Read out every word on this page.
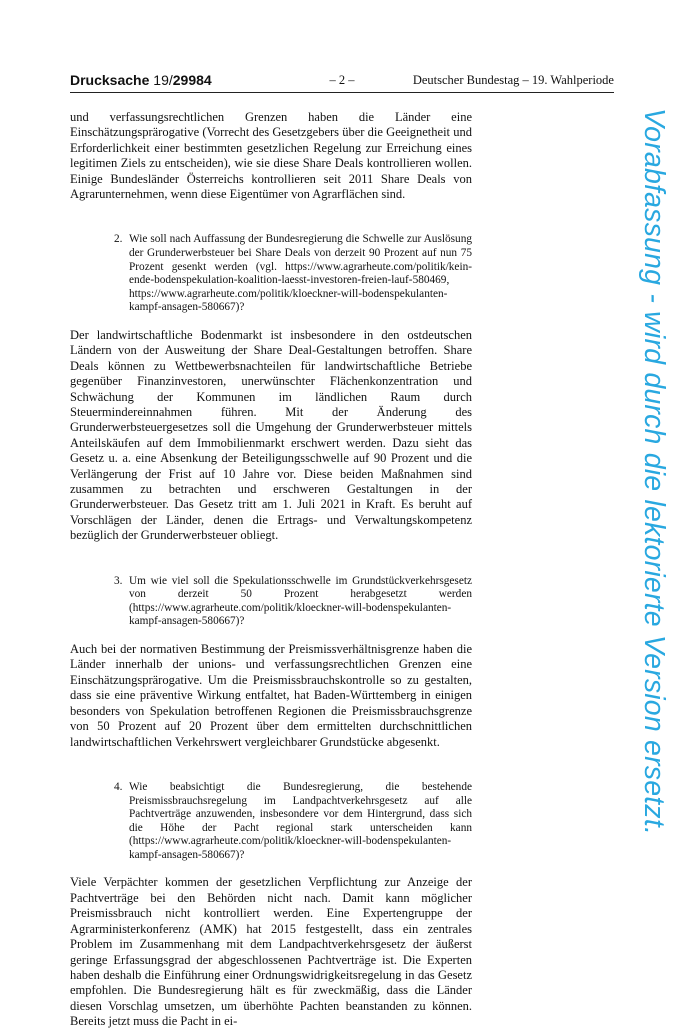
Drucksache 19/29984	– 2 –	Deutscher Bundestag – 19. Wahlperiode

und verfassungsrechtlichen Grenzen haben die Länder eine Einschätzungsprärogative (Vorrecht des Gesetzgebers über die Geeignetheit und Erforderlichkeit einer bestimmten gesetzlichen Regelung zur Erreichung eines legitimen Ziels zu entscheiden), wie sie diese Share Deals kontrollieren wollen. Einige Bundesländer Österreichs kontrollieren seit 2011 Share Deals von Agrarunternehmen, wenn diese Eigentümer von Agrarflächen sind.

2. Wie soll nach Auffassung der Bundesregierung die Schwelle zur Auslösung der Grunderwerbsteuer bei Share Deals von derzeit 90 Prozent auf nun 75 Prozent gesenkt werden (vgl. https://www.agrarheute.com/politik/kein-ende-bodenspekulation-koalition-laesst-investoren-freien-lauf-580469, https://www.agrarheute.com/politik/kloeckner-will-bodenspekulanten-kampf-ansagen-580667)?

Der landwirtschaftliche Bodenmarkt ist insbesondere in den ostdeutschen Ländern von der Ausweitung der Share Deal-Gestaltungen betroffen. Share Deals können zu Wettbewerbsnachteilen für landwirtschaftliche Betriebe gegenüber Finanzinvestoren, unerwünschter Flächenkonzentration und Schwächung der Kommunen im ländlichen Raum durch Steuermindereinnahmen führen. Mit der Änderung des Grunderwerbsteuergesetzes soll die Umgehung der Grunderwerbsteuer mittels Anteilskäufen auf dem Immobilienmarkt erschwert werden. Dazu sieht das Gesetz u. a. eine Absenkung der Beteiligungsschwelle auf 90 Prozent und die Verlängerung der Frist auf 10 Jahre vor. Diese beiden Maßnahmen sind zusammen zu betrachten und erschweren Gestaltungen in der Grunderwerbsteuer. Das Gesetz tritt am 1. Juli 2021 in Kraft. Es beruht auf Vorschlägen der Länder, denen die Ertrags- und Verwaltungskompetenz bezüglich der Grunderwerbsteuer obliegt.

3. Um wie viel soll die Spekulationsschwelle im Grundstückverkehrsgesetz von derzeit 50 Prozent herabgesetzt werden (https://www.agrarheute.com/politik/kloeckner-will-bodenspekulanten-kampf-ansagen-580667)?

Auch bei der normativen Bestimmung der Preismissverhältnisgrenze haben die Länder innerhalb der unions- und verfassungsrechtlichen Grenzen eine Einschätzungsprärogative. Um die Preismissbrauchskontrolle so zu gestalten, dass sie eine präventive Wirkung entfaltet, hat Baden-Württemberg in einigen besonders von Spekulation betroffenen Regionen die Preismissbrauchsgrenze von 50 Prozent auf 20 Prozent über dem ermittelten durchschnittlichen landwirtschaftlichen Verkehrswert vergleichbarer Grundstücke abgesenkt.

4. Wie beabsichtigt die Bundesregierung, die bestehende Preismissbrauchsregelung im Landpachtverkehrsgesetz auf alle Pachtverträge anzuwenden, insbesondere vor dem Hintergrund, dass sich die Höhe der Pacht regional stark unterscheiden kann (https://www.agrarheute.com/politik/kloeckner-will-bodenspekulanten-kampf-ansagen-580667)?

Viele Verpächter kommen der gesetzlichen Verpflichtung zur Anzeige der Pachtverträge bei den Behörden nicht nach. Damit kann möglicher Preismissbrauch nicht kontrolliert werden. Eine Expertengruppe der Agrarministerkonferenz (AMK) hat 2015 festgestellt, dass ein zentrales Problem im Zusammenhang mit dem Landpachtverkehrsgesetz der äußerst geringe Erfassungsgrad der abgeschlossenen Pachtverträge ist. Die Experten haben deshalb die Einführung einer Ordnungswidrigkeitsregelung in das Gesetz empfohlen. Die Bundesregierung hält es für zweckmäßig, dass die Länder diesen Vorschlag umsetzen, um überhöhte Pachten beanstanden zu können. Bereits jetzt muss die Pacht in ei-

Vorabfassung - wird durch die lektorierte Version ersetzt.
